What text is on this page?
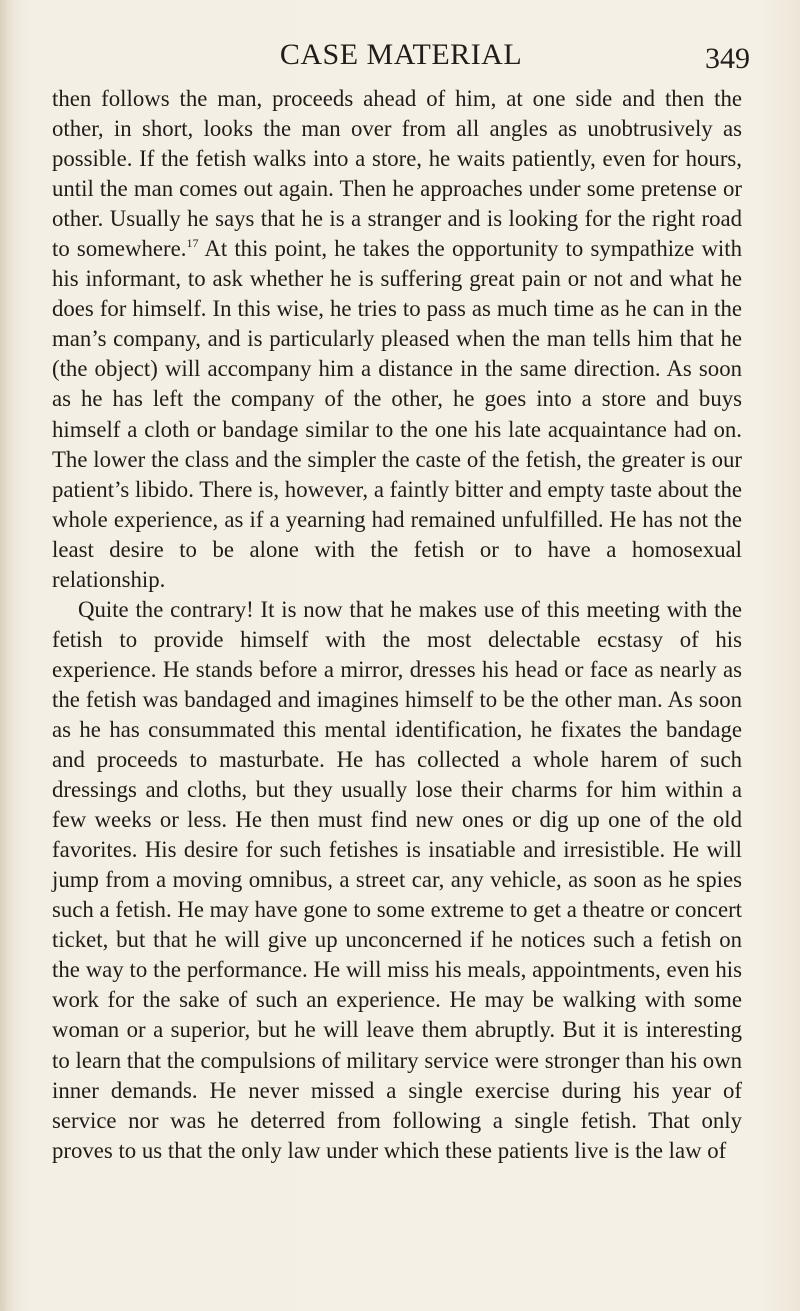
CASE MATERIAL	349

then follows the man, proceeds ahead of him, at one side and then the other, in short, looks the man over from all angles as unobtrusively as possible. If the fetish walks into a store, he waits patiently, even for hours, until the man comes out again. Then he approaches under some pretense or other. Usually he says that he is a stranger and is looking for the right road to somewhere.$^{17}$ At this point, he takes the opportunity to sympathize with his informant, to ask whether he is suffering great pain or not and what he does for himself. In this wise, he tries to pass as much time as he can in the man’s company, and is particularly pleased when the man tells him that he (the object) will accompany him a distance in the same direction. As soon as he has left the company of the other, he goes into a store and buys himself a cloth or bandage similar to the one his late acquaintance had on. The lower the class and the simpler the caste of the fetish, the greater is our patient’s libido. There is, however, a faintly bitter and empty taste about the whole experience, as if a yearning had remained unfulfilled. He has not the least desire to be alone with the fetish or to have a homosexual relationship.

Quite the contrary! It is now that he makes use of this meeting with the fetish to provide himself with the most delectable ecstasy of his experience. He stands before a mirror, dresses his head or face as nearly as the fetish was bandaged and imagines himself to be the other man. As soon as he has consummated this mental identification, he fixates the bandage and proceeds to masturbate. He has collected a whole harem of such dressings and cloths, but they usually lose their charms for him within a few weeks or less. He then must find new ones or dig up one of the old favorites. His desire for such fetishes is insatiable and irresistible. He will jump from a moving omnibus, a street car, any vehicle, as soon as he spies such a fetish. He may have gone to some extreme to get a theatre or concert ticket, but that he will give up unconcerned if he notices such a fetish on the way to the performance. He will miss his meals, appointments, even his work for the sake of such an experience. He may be walking with some woman or a superior, but he will leave them abruptly. But it is interesting to learn that the compulsions of military service were stronger than his own inner demands. He never missed a single exercise during his year of service nor was he deterred from following a single fetish. That only proves to us that the only law under which these patients live is the law of
